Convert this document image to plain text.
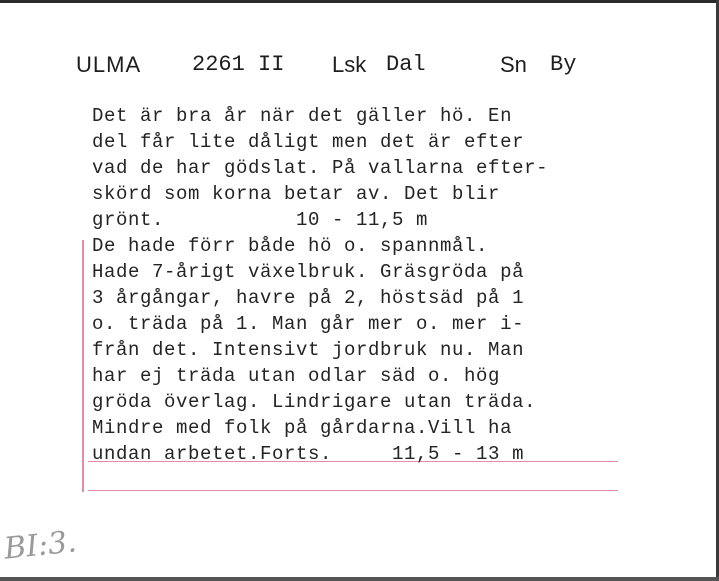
ULMA 2261 II Lsk Dal	Sn By
Det är bra år när det gäller hö. En
del får lite dåligt men det är efter
vad de har gödslat. På vallarna efter-
skörd som korna betar av. Det blir
grönt.           10 - 11,5 m
De hade förr både hö o. spannmål.
Hade 7-årigt växelbruk. Gräsgröda på
3 årgångar, havre på 2, höstsäd på 1
o. träda på 1. Man går mer o. mer i-
från det. Intensivt jordbruk nu. Man
har ej träda utan odlar säd o. hög
gröda överlag. Lindrigare utan träda.
Mindre med folk på gårdarna.Vill ha
undan arbetet.Forts.     11,5 - 13 m
BI:3.
